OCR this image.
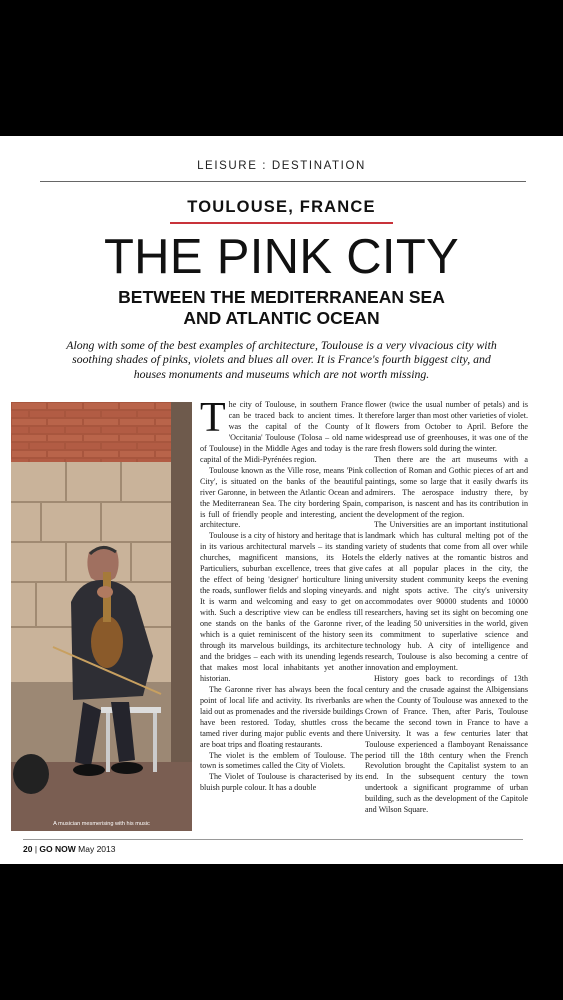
LEISURE : DESTINATION
TOULOUSE, FRANCE
THE PINK CITY
BETWEEN THE MEDITERRANEAN SEA
AND ATLANTIC OCEAN
Along with some of the best examples of architecture, Toulouse is a very vivacious city with
soothing shades of pinks, violets and blues all over. It is France's fourth biggest city, and
houses monuments and museums which are not worth missing.
A musician mesmerising with his music

The city of Toulouse, in southern France can be traced back to ancient times. It was the capital of the County of 'Occitania' Toulouse (Tolosa – old name of Toulouse) in the Middle Ages and today is the capital of the Midi-Pyrénées region.

Toulouse known as the Ville rose, means 'Pink City', is situated on the banks of the beautiful river Garonne, in between the Atlantic Ocean and the Mediterranean Sea. The city bordering Spain, is full of friendly people and interesting, ancient architecture.

Toulouse is a city of history and heritage that is in its various architectural marvels – its standing churches, magnificent mansions, its Hotels Particuliers, suburban excellence, trees that give the effect of being 'designer' horticulture lining the roads, sunflower fields and sloping vineyards. It is warm and welcoming and easy to get on with. Such a descriptive view can be endless till one stands on the banks of the Garonne river, which is a quiet reminiscent of the history seen through its marvelous buildings, its architecture and the bridges – each with its unending legends that makes most local inhabitants yet another historian.

The Garonne river has always been the focal point of local life and activity. Its riverbanks are laid out as promenades and the riverside buildings have been restored. Today, shuttles cross the tamed river during major public events and there are boat trips and floating restaurants.

The violet is the emblem of Toulouse. The town is sometimes called the City of Violets.

The Violet of Toulouse is characterised by its bluish purple colour. It has a double

flower (twice the usual number of petals) and is therefore larger than most other varieties of violet. It flowers from October to April. Before the widespread use of greenhouses, it was one of the rare fresh flowers sold during the winter.

Then there are the art museums with a collection of Roman and Gothic pieces of art and paintings, some so large that it easily dwarfs its admirers. The aerospace industry there, by comparison, is nascent and has its contribution in the development of the region.

The Universities are an important institutional landmark which has cultural melting pot of the variety of students that come from all over while the elderly natives at the romantic bistros and cafes at all popular places in the city, the university student community keeps the evening and night spots active. The city's university accommodates over 90000 students and 10000 researchers, having set its sight on becoming one of the leading 50 universities in the world, given its commitment to superlative science and technology hub. A city of intelligence and research, Toulouse is also becoming a centre of innovation and employment.

History goes back to recordings of 13th century and the crusade against the Albigensians when the County of Toulouse was annexed to the Crown of France. Then, after Paris, Toulouse became the second town in France to have a University. It was a few centuries later that Toulouse experienced a flamboyant Renaissance period till the 18th century when the French Revolution brought the Capitalist system to an end. In the subsequent century the town undertook a significant programme of urban building, such as the development of the Capitole and Wilson Square.

20 | GO NOW May 2013
